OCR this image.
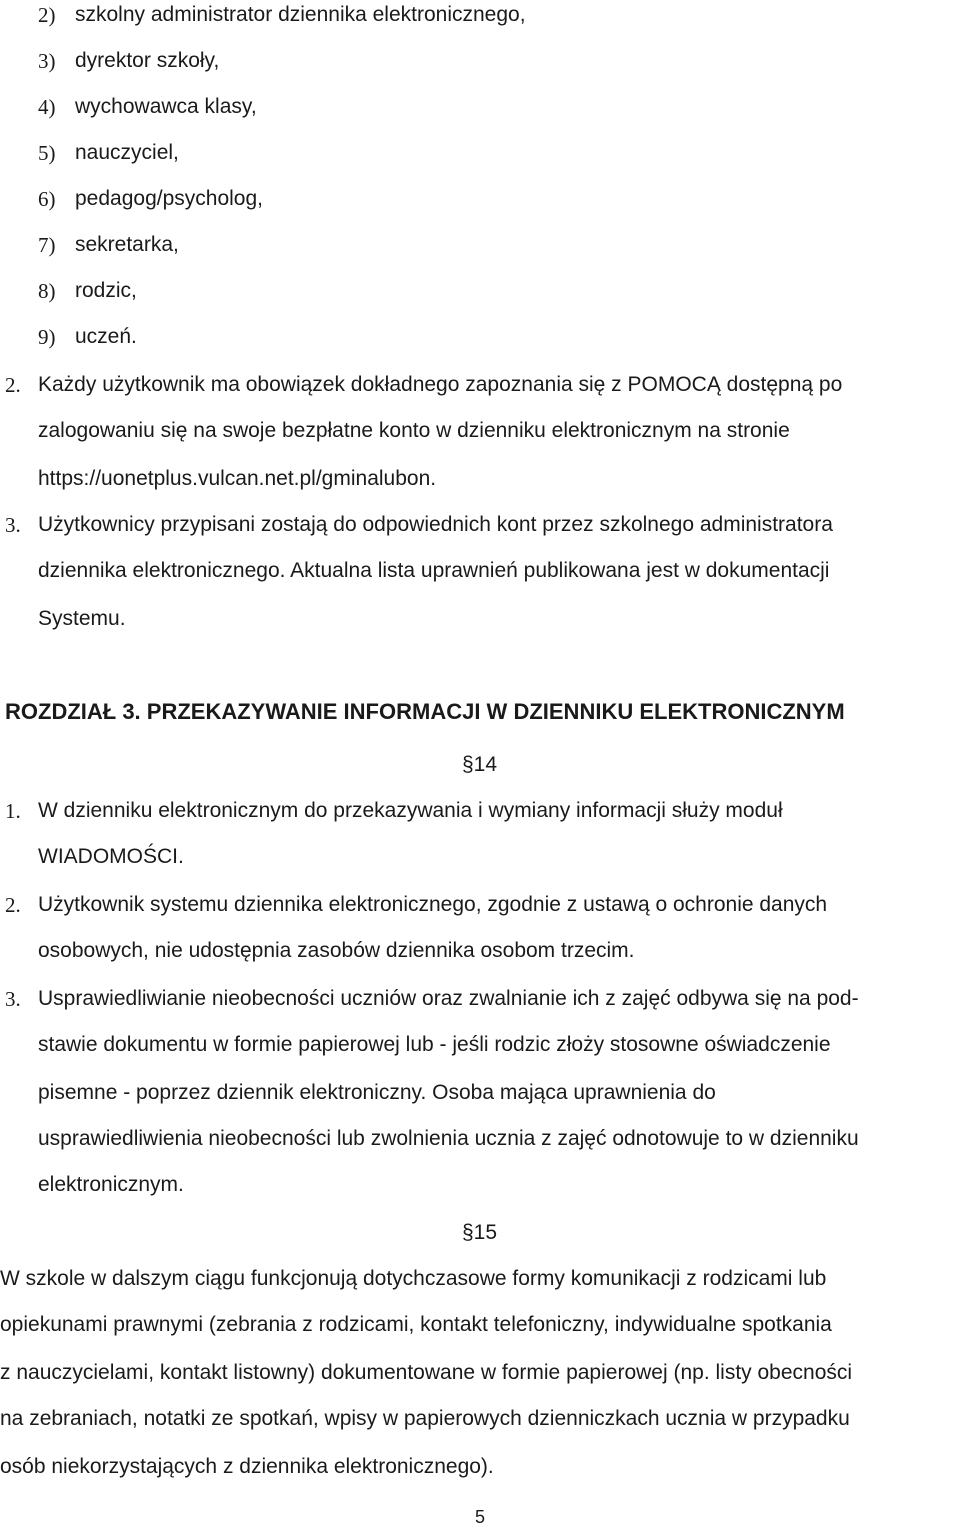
2) szkolny administrator dziennika elektronicznego,
3) dyrektor szkoły,
4) wychowawca klasy,
5) nauczyciel,
6) pedagog/psycholog,
7) sekretarka,
8) rodzic,
9) uczeń.
2. Każdy użytkownik ma obowiązek dokładnego zapoznania się z POMOCĄ dostępną po
zalogowaniu się na swoje bezpłatne konto w dzienniku elektronicznym na stronie
https://uonetplus.vulcan.net.pl/gminalubon.
3. Użytkownicy przypisani zostają do odpowiednich kont przez szkolnego administratora
dziennika elektronicznego. Aktualna lista uprawnień publikowana jest w dokumentacji
Systemu.
ROZDZIAŁ 3. PRZEKAZYWANIE INFORMACJI W DZIENNIKU ELEKTRONICZNYM
§14
1. W dzienniku elektronicznym do przekazywania i wymiany informacji służy moduł
WIADOMOŚCI.
2. Użytkownik systemu dziennika elektronicznego, zgodnie z ustawą o ochronie danych
osobowych, nie udostępnia zasobów dziennika osobom trzecim.
3. Usprawiedliwianie nieobecności uczniów oraz zwalnianie ich z zajęć odbywa się na pod-
stawie dokumentu w formie papierowej lub - jeśli rodzic złoży stosowne oświadczenie
pisemne - poprzez dziennik elektroniczny. Osoba mająca uprawnienia do
usprawiedliwienia nieobecności lub zwolnienia ucznia z zajęć odnotowuje to w dzienniku
elektronicznym.
§15
W szkole w dalszym ciągu funkcjonują dotychczasowe formy komunikacji z rodzicami lub
opiekunami prawnymi (zebrania z rodzicami, kontakt telefoniczny, indywidualne spotkania
z nauczycielami, kontakt listowny) dokumentowane w formie papierowej (np. listy obecności
na zebraniach, notatki ze spotkań, wpisy w papierowych dzienniczkach ucznia w przypadku
osób niekorzystających z dziennika elektronicznego).
5
